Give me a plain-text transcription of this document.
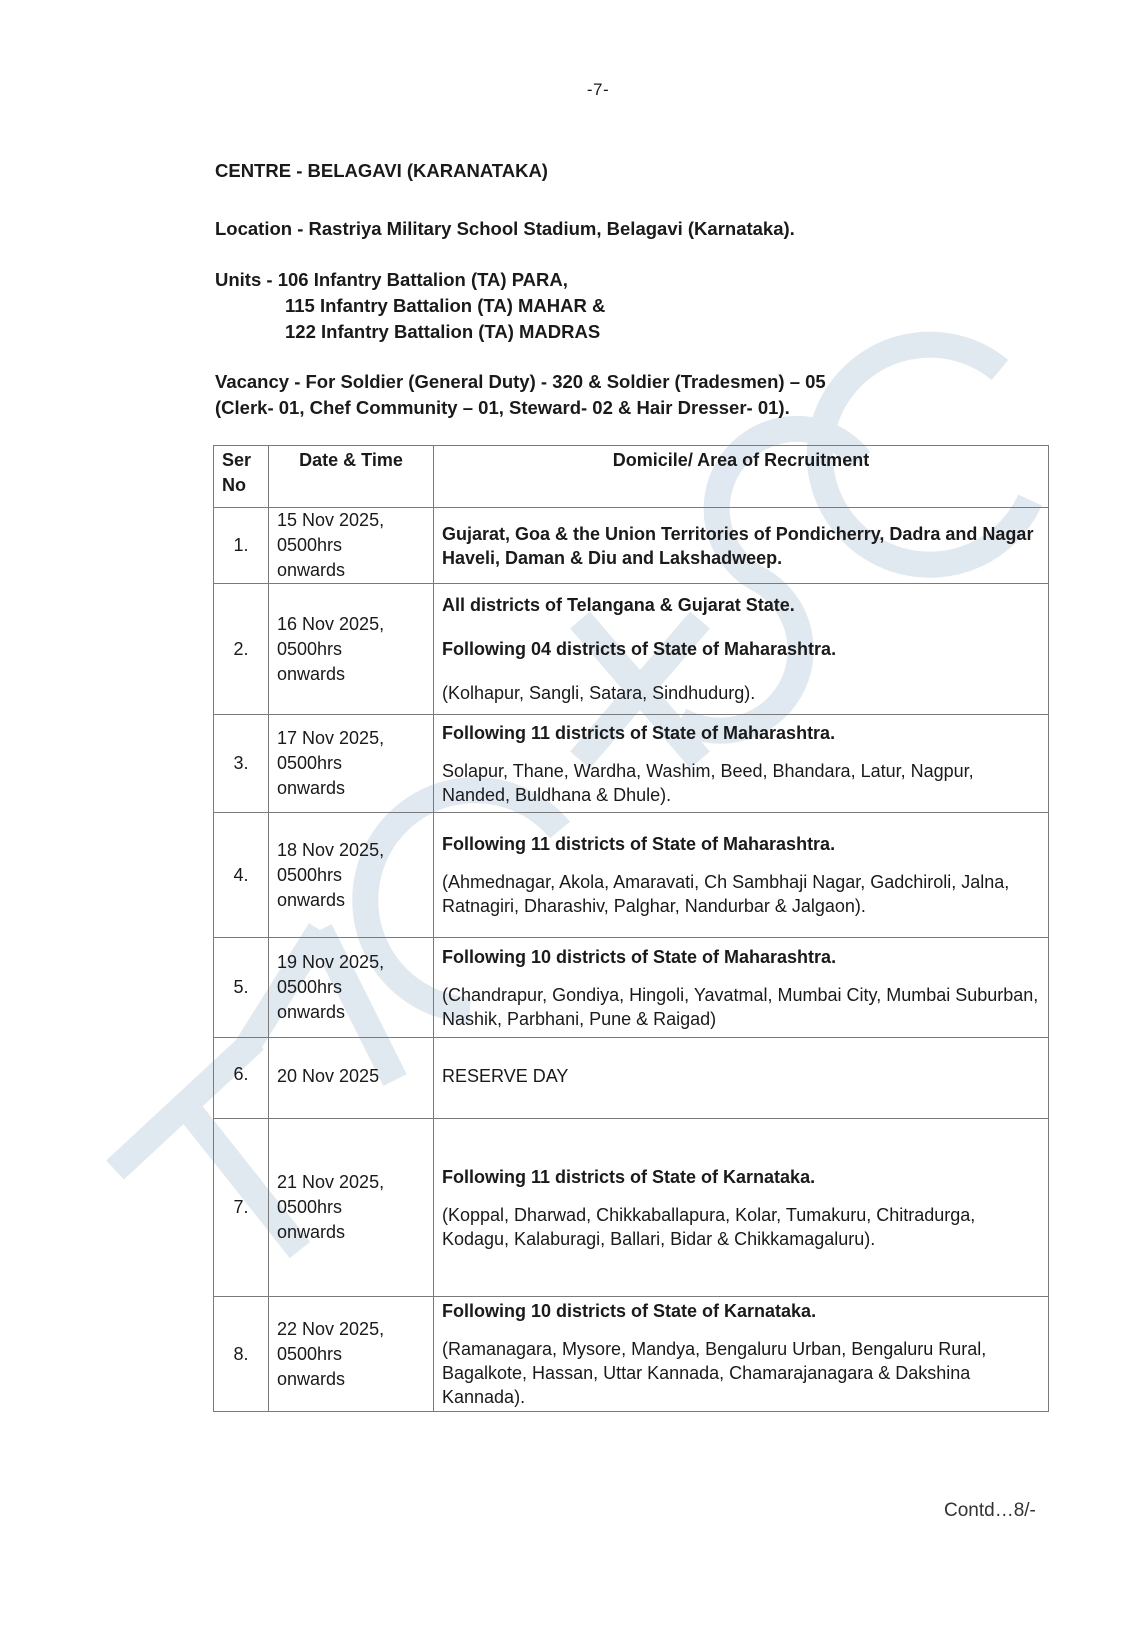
-7-
CENTRE - BELAGAVI (KARANATAKA)
Location - Rastriya Military School Stadium, Belagavi (Karnataka).
Units - 106 Infantry Battalion (TA) PARA,
115 Infantry Battalion (TA) MAHAR &
122 Infantry Battalion (TA) MADRAS
Vacancy - For Soldier (General Duty) - 320 & Soldier (Tradesmen) – 05
(Clerk- 01, Chef Community – 01, Steward- 02 & Hair Dresser- 01).
Ser
No	Date & Time	Domicile/ Area of Recruitment
1.	15 Nov 2025,
0500hrs
onwards	Gujarat, Goa & the Union Territories of Pondicherry, Dadra and Nagar Haveli, Daman & Diu and Lakshadweep.
2.	16 Nov 2025,
0500hrs
onwards	All districts of Telangana & Gujarat State.
Following 04 districts of State of Maharashtra.
(Kolhapur, Sangli, Satara, Sindhudurg).
3.	17 Nov 2025,
0500hrs
onwards	Following 11 districts of State of Maharashtra.
Solapur, Thane, Wardha, Washim, Beed, Bhandara, Latur, Nagpur, Nanded, Buldhana & Dhule).
4.	18 Nov 2025,
0500hrs
onwards	Following 11 districts of State of Maharashtra.
(Ahmednagar, Akola, Amaravati, Ch Sambhaji Nagar, Gadchiroli, Jalna, Ratnagiri, Dharashiv, Palghar, Nandurbar & Jalgaon).
5.	19 Nov 2025,
0500hrs
onwards	Following 10 districts of State of Maharashtra.
(Chandrapur, Gondiya, Hingoli, Yavatmal, Mumbai City, Mumbai Suburban, Nashik, Parbhani, Pune & Raigad)
6.	20 Nov 2025	RESERVE DAY
7.	21 Nov 2025,
0500hrs
onwards	Following 11 districts of State of Karnataka.
(Koppal, Dharwad, Chikkaballapura, Kolar, Tumakuru, Chitradurga, Kodagu, Kalaburagi, Ballari, Bidar & Chikkamagaluru).
8.	22 Nov 2025,
0500hrs
onwards	Following 10 districts of State of Karnataka.
(Ramanagara, Mysore, Mandya, Bengaluru Urban, Bengaluru Rural, Bagalkote, Hassan, Uttar Kannada, Chamarajanagara & Dakshina Kannada).
Contd…8/-
